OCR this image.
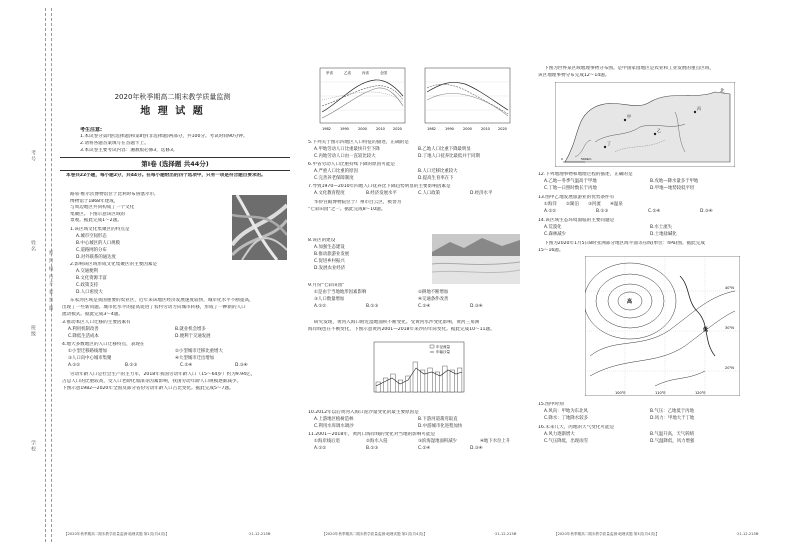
考号
姓名
班级
学校
密 封 线 内 不 要 答 题
2020年秋季期高二期末教学质量监测
地 理 试 题
考生注意:
1.本试卷分第Ⅰ卷(选择题)和第Ⅱ卷(非选择题)两部分，共100分。考试时间90分钟。
2.请将各题答案填写在答题卡上。
3.本试卷主要考试内容：湘教版必修3，选修3。
第Ⅰ卷 (选择题 共44分)
本卷共22小题，每小题2分，共44分。在每小题给出的四个选项中，只有一项是符合题目要求的。
路易·维尔茨博物馆位于比利时布鲁塞尔市,
博物馆于1868年建成，
与周边地区共同构成了一个文化
集聚区。下图示意该区域的
景观。据此完成1～2题。
1.该区域文化集聚区的特点是
A.城市空间形态
B.中心城区的人口规模
C.道路网的分布
D.对外联系的通达度
2.影响该区域形成文化集聚区的主要因素是
A.交通便利
B.文化资源丰富
C.政策支持
D.人口密度大
东家湾区域是我国重要的农业区，近年来该地区经济发展速度较快，城市化水平不断提高，
出现了一些新问题。城市化水平的提高促进了农村劳动力向城市转移，形成了一种新的人口
流动模式。据此完成3～4题。
3.推动本区人口迁移的主要因素有
A.利用机制改善	B.就业机会增多
C.降低生活成本	D.便利于交通发展
4.地大多数地区的人口迁移特点，表现在
①小型迁移路线增加	②小型城市迁移比重增大
③人口向中心城市集聚	④大型城市迁出增加
A.①②	B.①③	C.②④	D.③④
劳动年龄人口是社会生产的主力军，2018年我国劳动年龄人口（15～64岁）约为9.94亿，
占总人口的比重较高，受人口老龄化加深等因素影响，我国劳动年龄人口规模逐渐减少。
下图示意1982—2020年全国及部分省份劳动年龄人口占比变化。据此完成5～7题。
【2020年秋季期高二期末教学质量监测·地理试题 第1页(共4页)】	·21-12-215B·
1982	1990	2000	2010 2020
甲省	乙省	丙省	全国
1982	1990	2000	2010 2020
5.下列关于图示四地区人口特征的描述，正确的是
A.甲地劳动人口比重最快升至下降	B.乙地人口比重下降最明显
C.丙地劳动人口由一直较比较大	D.丁地人口抚养比最低并于同期
6.甲省劳动人口比重持续下降的原因可能是
A.严重人口比重的原因	B.人口迁移比重较大
C.完善养老保障制度	D.提高生育率在下
7.导致1970—2010年四地人口抚养比下降趋势明显的主要影响因素是
A.文化教育程度	B.经济发展水平	C.人口政策	D.经济水平
华侨宫殿博物院位于广州市白云区，被誉为
"七彩田园"之一。据此完成8～10题。
8.该区的建设
A.加强生态建设
B.推动旅游业发展
C.促进乡村振兴
D.发展农业经济
9.月份"七彩田园"
①是由于当地地形因素影响	②耕地不断增加
③人口数量增加	④交通条件改善
A.①②	B.①③	C.②④	D.③④
研究发现，黄河入海口附近湿地面积不断变化。受黄河水沙变化影响，黄河三角洲
海岸线也在不断变化，下图示意黄河2001—2018年来沙的年际变化。据此完成10～11题。
年径流量
年输沙量
10.2012年以后黄河入海口泥沙量变化的最主要原因是
A.上游地区植树造林	B.下游河道裁弯取直
C.利用水库调水调沙	D.中游城市化进程加快
11.2001—2018年，黄河口海岸线的变化对当地的影响可能是
①海岸线后退	②海水入侵	③滨海湿地面积减少	④地下水位上升
A.①②	B.①③	C.②④	D.③④
【2020年秋季期高二期末教学质量监测·地理试题 第2页(共4页)】	·21-12-215B·
下图为世界某区域地理事物分布图。是中国家园地区是农业和工业发展的重点区域，
该区地理事物分布完成12～14题。
北
甲
乙
丙
丁
0	500km
12.下列地理事物和地理过程的描述，正确的是
A.乙地—冬季气温高于甲地	B.戊地—降水量多于甲地
C.丁地—日照时数长于丙地	D.甲地—地势较低平坦
13.图中乙地发展旅游业的优势条件有
①海洋 ②湖泊 ③河流 ④温泉
A.①②	B.①③	C.②④	D.③④
14.该区域生态环境面临的主要问题是
A.荒漠化	B.水土流失
C.森林减少	D.土地盐碱化
下图为2020年1月5日8时亚洲部分地区海平面等压线(单位：hPa)图。据此完成
15～16题。
高
低
40°N
30°N
20°N
100°E	110°E	120°E
15.图中时刻
A.风向：甲地为东北风	B.气压：乙地低于丙地
C.降水：丁地降水较多	D.风力：甲地大于丁地
16.未来几天，丙地的天气变化可能是
A.风力逐渐增大	B.气温升高，天气转晴
C.气压降低，出现雨雪	D.气温降低，风力增强
【2020年秋季期高二期末教学质量监测·地理试题 第3页(共4页)】	·21-12-215B·
